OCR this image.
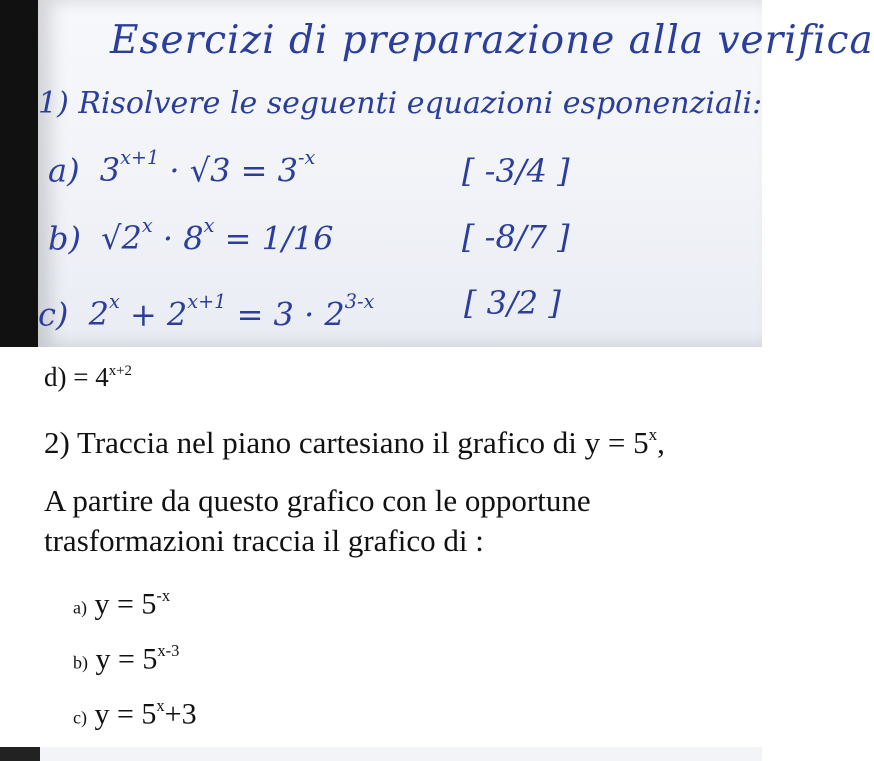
Esercizi di preparazione alla verifica
1) Risolvere le seguenti equazioni esponenziali:
a) $3^{x+1} \cdot √3 = 3^{-x}$	[ -3/4 ]
b) $√2^x \cdot 8^x = 1/16$	[ -8/7 ]
c) $2^x + 2^{x+1} = 3 \cdot 2^{3-x}$	[ 3/2 ]
$d) = 4^{x+2}$
2) Traccia nel piano cartesiano il grafico di $y = 5^x$,
A partire da questo grafico con le opportune
trasformazioni traccia il grafico di :
a) $y = 5^{-x}$
b) $y = 5^{x-3}$
c) $y = 5^x+3$
